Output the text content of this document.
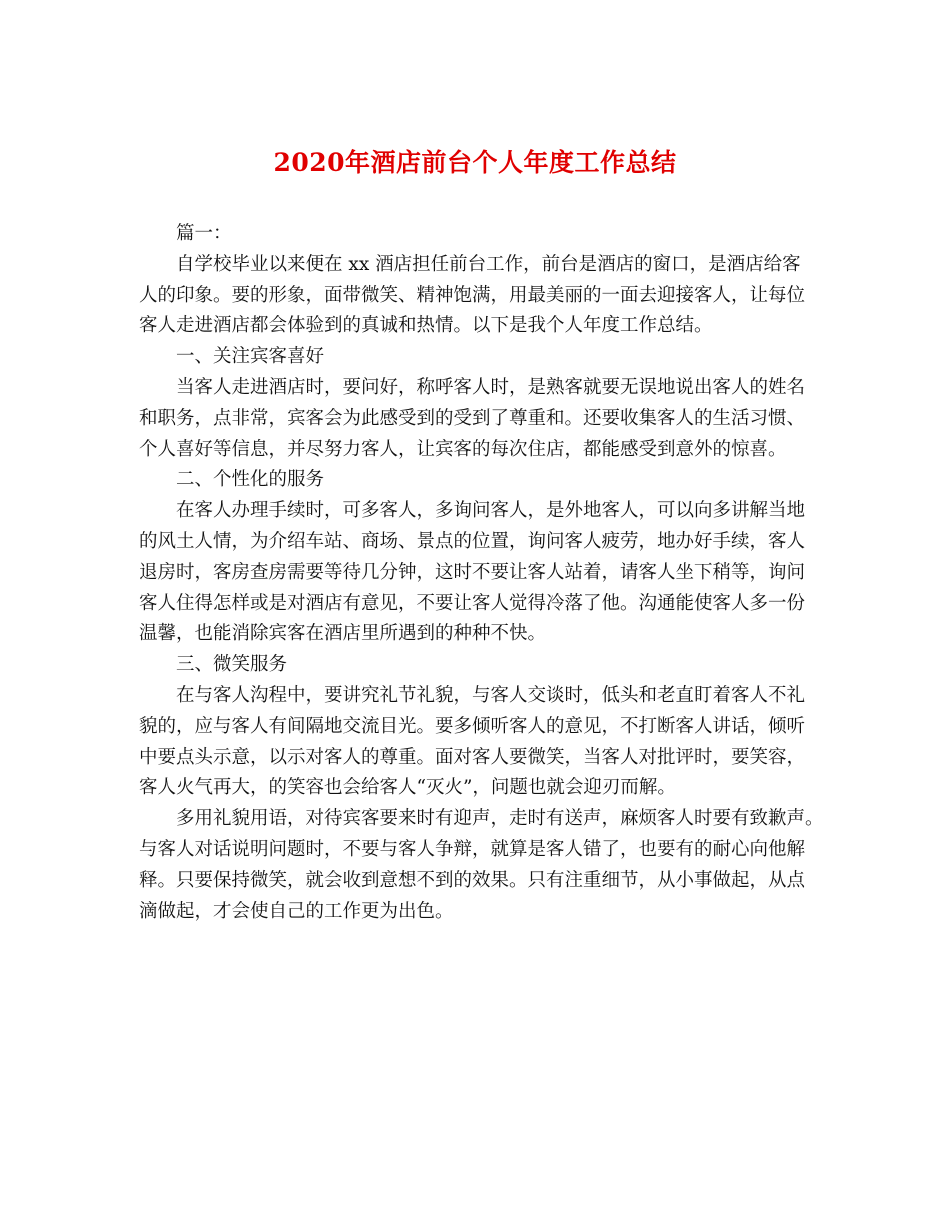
2020年酒店前台个人年度工作总结
篇一：
自学校毕业以来便在 xx 酒店担任前台工作，前台是酒店的窗口，是酒店给客
人的印象。要的形象，面带微笑、精神饱满，用最美丽的一面去迎接客人，让每位
客人走进酒店都会体验到的真诚和热情。以下是我个人年度工作总结。
一、关注宾客喜好
当客人走进酒店时，要问好，称呼客人时，是熟客就要无误地说出客人的姓名
和职务，点非常，宾客会为此感受到的受到了尊重和。还要收集客人的生活习惯、
个人喜好等信息，并尽努力客人，让宾客的每次住店，都能感受到意外的惊喜。
二、个性化的服务
在客人办理手续时，可多客人，多询问客人，是外地客人，可以向多讲解当地
的风土人情，为介绍车站、商场、景点的位置，询问客人疲劳，地办好手续，客人
退房时，客房查房需要等待几分钟，这时不要让客人站着，请客人坐下稍等，询问
客人住得怎样或是对酒店有意见，不要让客人觉得冷落了他。沟通能使客人多一份
温馨，也能消除宾客在酒店里所遇到的种种不快。
三、微笑服务
在与客人沟程中，要讲究礼节礼貌，与客人交谈时，低头和老直盯着客人不礼
貌的，应与客人有间隔地交流目光。要多倾听客人的意见，不打断客人讲话，倾听
中要点头示意，以示对客人的尊重。面对客人要微笑，当客人对批评时，要笑容，
客人火气再大，的笑容也会给客人“灭火”，问题也就会迎刃而解。
多用礼貌用语，对待宾客要来时有迎声，走时有送声，麻烦客人时要有致歉声。
与客人对话说明问题时，不要与客人争辩，就算是客人错了，也要有的耐心向他解
释。只要保持微笑，就会收到意想不到的效果。只有注重细节，从小事做起，从点
滴做起，才会使自己的工作更为出色。
